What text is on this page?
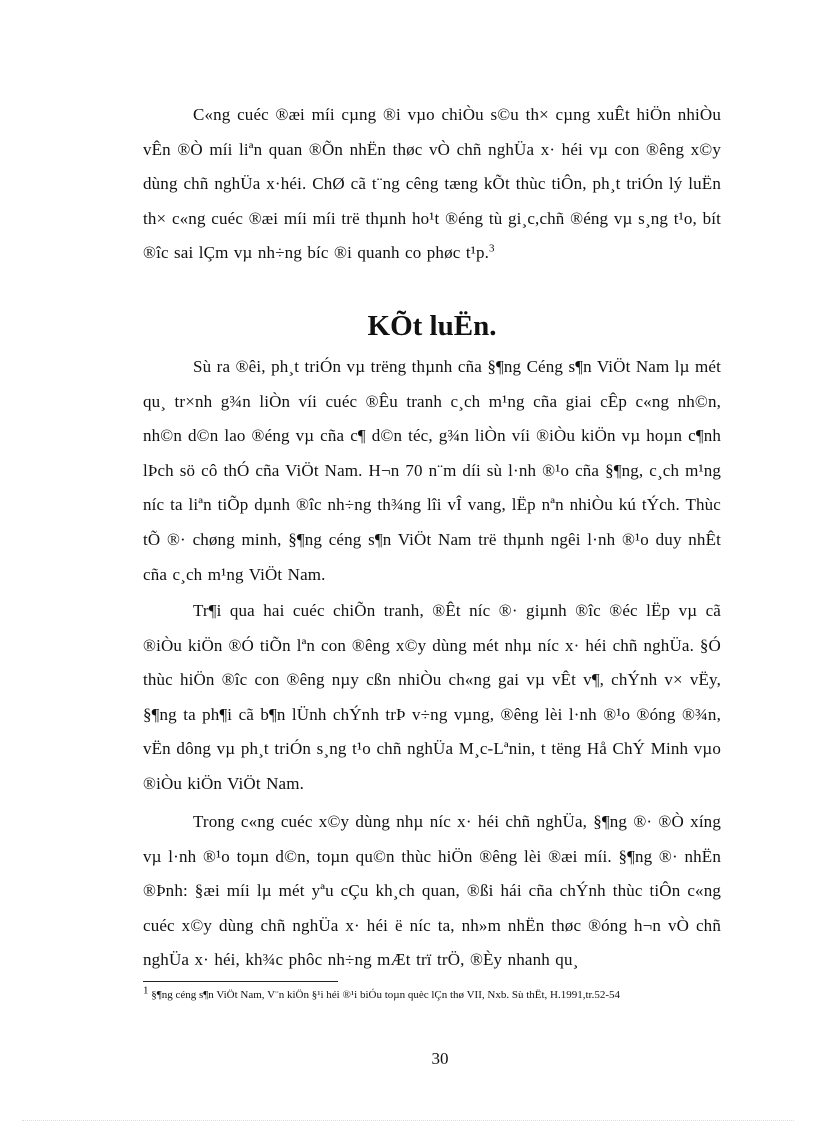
C«ng cuéc ®æi míi cµng ®i vµo chiÒu s©u th× cµng xuÊt hiÖn nhiÒu vÊn ®Ò míi liªn quan ®Õn nhËn thøc vÒ chñ nghÜa x· héi vµ con ®êng x©y dùng chñ nghÜa x·héi. ChØ cã t¨ng cêng tæng kÕt thùc tiÔn, ph¸t triÓn lý luËn th× c«ng cuéc ®æi míi míi trë thµnh ho¹t ®éng tù gi¸c,chñ ®éng vµ s¸ng t¹o, bít ®îc sai lÇm vµ nh÷ng bíc ®i quanh co phøc t¹p.$^3$

KÕt luËn.

Sù ra ®êi, ph¸t triÓn vµ trëng thµnh cña §¶ng Céng s¶n ViÖt Nam lµ mét qu¸ tr×nh g¾n liÒn víi cuéc ®Êu tranh c¸ch m¹ng cña giai cÊp c«ng nh©n, nh©n d©n lao ®éng vµ cña c¶ d©n téc, g¾n liÒn víi ®iÒu kiÖn vµ hoµn c¶nh lÞch sö cô thÓ cña ViÖt Nam. H¬n 70 n¨m díi sù l·nh ®¹o cña §¶ng, c¸ch m¹ng níc ta liªn tiÕp dµnh ®îc nh÷ng th¾ng lîi vÎ vang, lËp nªn nhiÒu kú tÝch. Thùc tÕ ®· chøng minh, §¶ng céng s¶n ViÖt Nam trë thµnh ngêi l·nh ®¹o duy nhÊt cña c¸ch m¹ng ViÖt Nam.

Tr¶i qua hai cuéc chiÕn tranh, ®Êt níc ®· giµnh ®îc ®éc lËp vµ cã ®iÒu kiÖn ®Ó tiÕn lªn con ®êng x©y dùng mét nhµ níc x· héi chñ nghÜa. §Ó thùc hiÖn ®îc con ®êng nµy cßn nhiÒu ch«ng gai vµ vÊt v¶, chÝnh v× vËy, §¶ng ta ph¶i cã b¶n lÜnh chÝnh trÞ v÷ng vµng, ®êng lèi l·nh ®¹o ®óng ®¾n, vËn dông vµ ph¸t triÓn s¸ng t¹o chñ nghÜa M¸c-Lªnin, t tëng Hå ChÝ Minh vµo ®iÒu kiÖn ViÖt Nam.

Trong c«ng cuéc x©y dùng nhµ níc x· héi chñ nghÜa, §¶ng ®· ®Ò xíng vµ l·nh ®¹o toµn d©n, toµn qu©n thùc hiÖn ®êng lèi ®æi míi. §¶ng ®· nhËn ®Þnh: §æi míi lµ mét yªu cÇu kh¸ch quan, ®ßi hái cña chÝnh thùc tiÔn c«ng cuéc x©y dùng chñ nghÜa x· héi ë níc ta, nh»m nhËn thøc ®óng h¬n vÒ chñ nghÜa x· héi, kh¾c phôc nh÷ng mÆt trï trÖ, ®Èy nhanh qu¸

$^1$ §¶ng céng s¶n ViÖt Nam, V¨n kiÖn §¹i héi ®¹i biÓu toµn quèc lÇn thø VII, Nxb. Sù thËt, H.1991,tr.52-54

30
